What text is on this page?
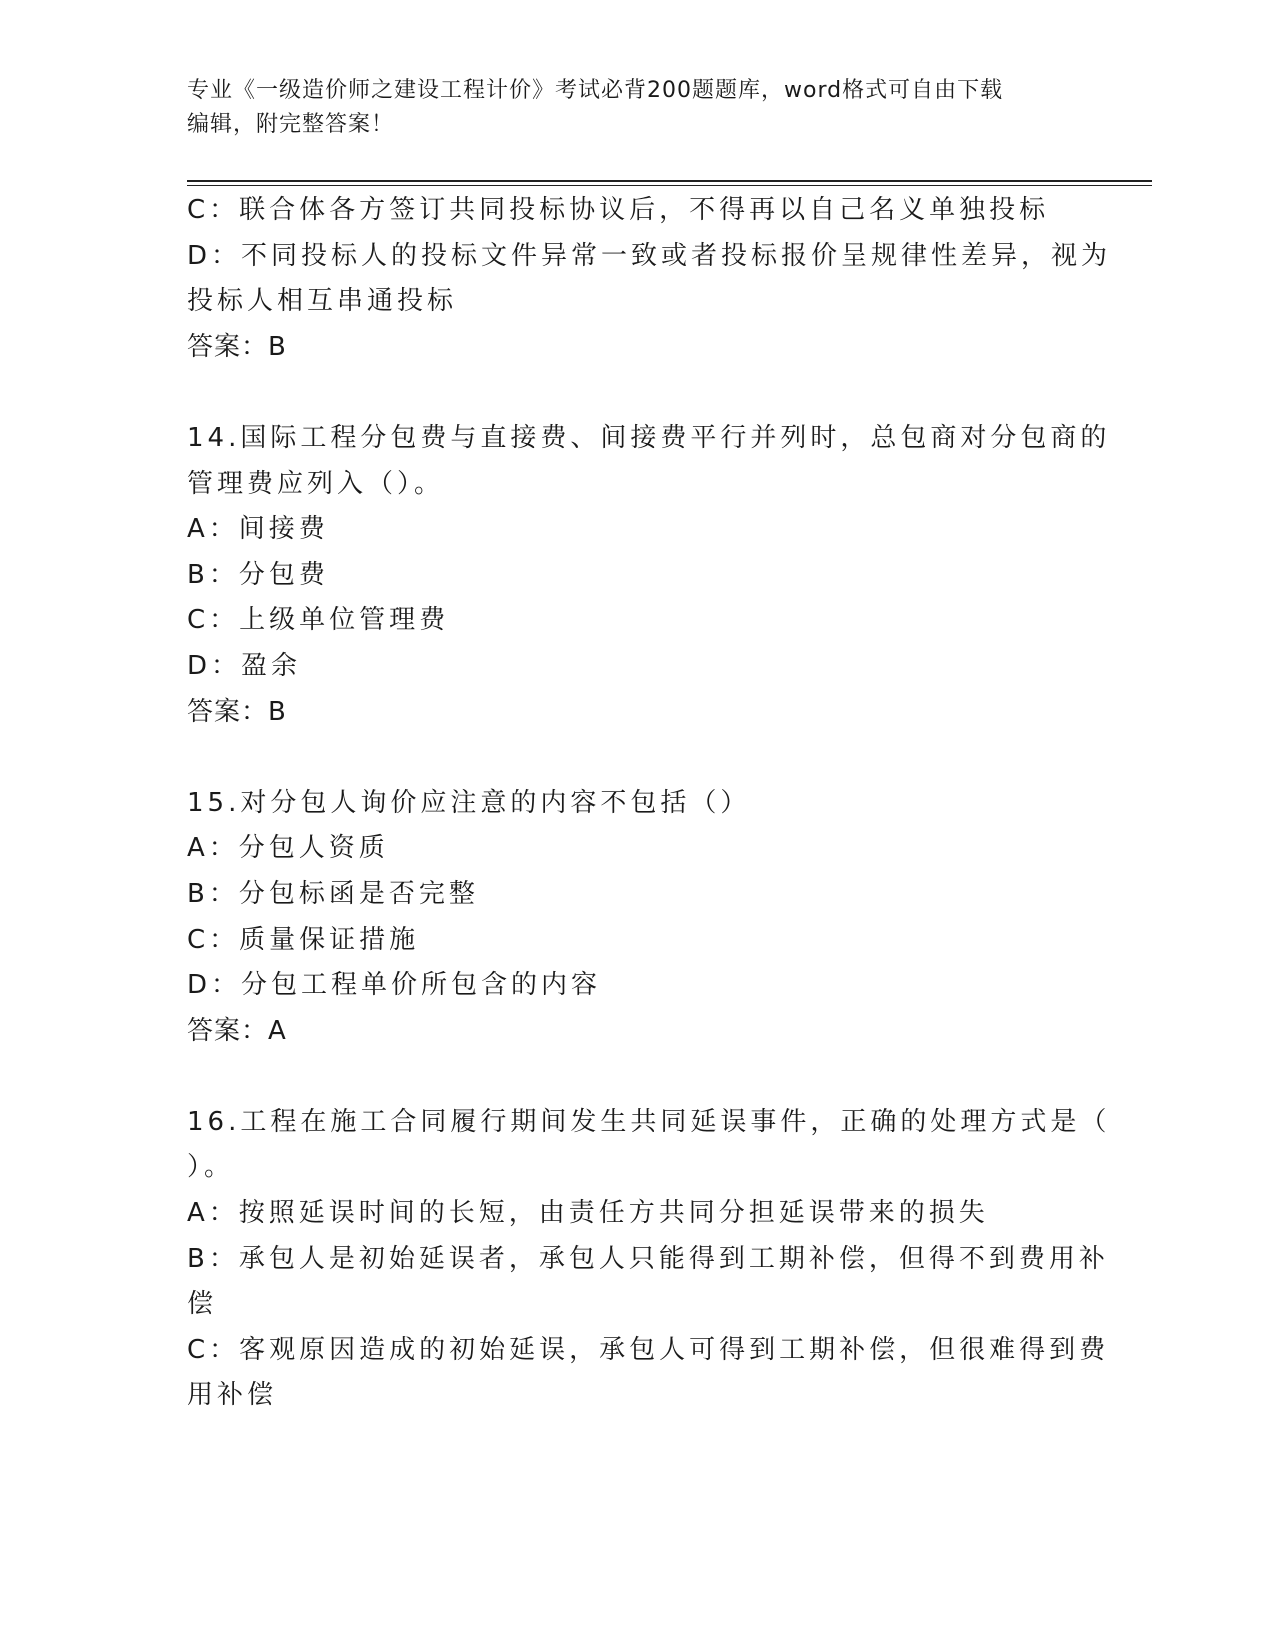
专业《一级造价师之建设工程计价》考试必背200题题库，word格式可自由下载
编辑，附完整答案！
C：联合体各方签订共同投标协议后，不得再以自己名义单独投标
D：不同投标人的投标文件异常一致或者投标报价呈规律性差异，视为
投标人相互串通投标
答案：B
14.国际工程分包费与直接费、间接费平行并列时，总包商对分包商的
管理费应列入（）。
A：间接费
B：分包费
C：上级单位管理费
D：盈余
答案：B
15.对分包人询价应注意的内容不包括（）
A：分包人资质
B：分包标函是否完整
C：质量保证措施
D：分包工程单价所包含的内容
答案：A
16.工程在施工合同履行期间发生共同延误事件，正确的处理方式是（
）。
A：按照延误时间的长短，由责任方共同分担延误带来的损失
B：承包人是初始延误者，承包人只能得到工期补偿，但得不到费用补
偿
C：客观原因造成的初始延误，承包人可得到工期补偿，但很难得到费
用补偿
